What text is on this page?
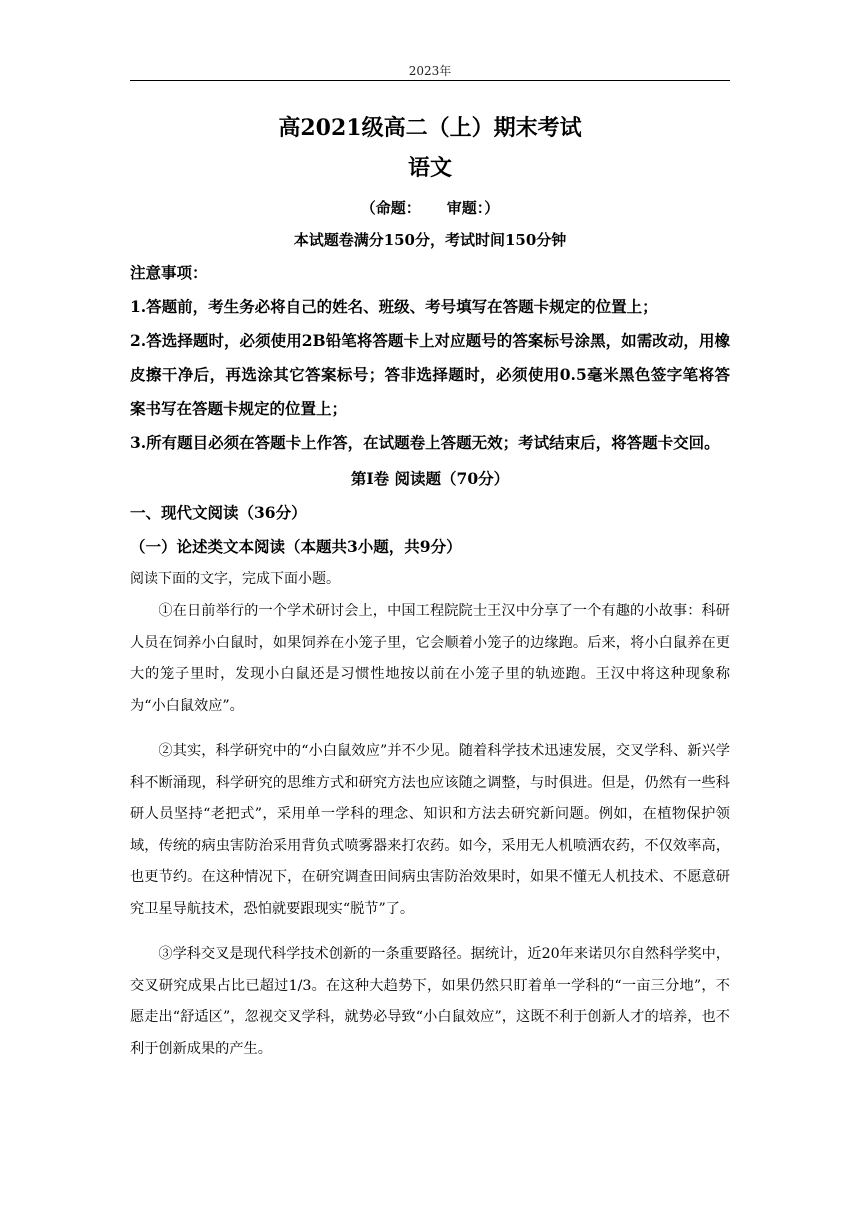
2023年
高2021级高二（上）期末考试
语文
（命题： 审题：）
本试题卷满分150分，考试时间150分钟
注意事项：
1.答题前，考生务必将自己的姓名、班级、考号填写在答题卡规定的位置上；
2.答选择题时，必须使用2B铅笔将答题卡上对应题号的答案标号涂黑，如需改动，用橡皮擦干净后，再选涂其它答案标号；答非选择题时，必须使用0.5毫米黑色签字笔将答案书写在答题卡规定的位置上；
3.所有题目必须在答题卡上作答，在试题卷上答题无效；考试结束后，将答题卡交回。
第Ⅰ卷 阅读题（70分）
一、现代文阅读（36分）
（一）论述类文本阅读（本题共3小题，共9分）
阅读下面的文字，完成下面小题。

①在日前举行的一个学术研讨会上，中国工程院院士王汉中分享了一个有趣的小故事：科研人员在饲养小白鼠时，如果饲养在小笼子里，它会顺着小笼子的边缘跑。后来，将小白鼠养在更大的笼子里时，发现小白鼠还是习惯性地按以前在小笼子里的轨迹跑。王汉中将这种现象称为“小白鼠效应”。

②其实，科学研究中的“小白鼠效应”并不少见。随着科学技术迅速发展，交叉学科、新兴学科不断涌现，科学研究的思维方式和研究方法也应该随之调整，与时俱进。但是，仍然有一些科研人员坚持“老把式”，采用单一学科的理念、知识和方法去研究新问题。例如，在植物保护领域，传统的病虫害防治采用背负式喷雾器来打农药。如今，采用无人机喷洒农药，不仅效率高，也更节约。在这种情况下，在研究调查田间病虫害防治效果时，如果不懂无人机技术、不愿意研究卫星导航技术，恐怕就要跟现实“脱节”了。

③学科交叉是现代科学技术创新的一条重要路径。据统计，近20年来诺贝尔自然科学奖中，交叉研究成果占比已超过1/3。在这种大趋势下，如果仍然只盯着单一学科的“一亩三分地”，不愿走出“舒适区”，忽视交叉学科，就势必导致“小白鼠效应”，这既不利于创新人才的培养，也不利于创新成果的产生。
